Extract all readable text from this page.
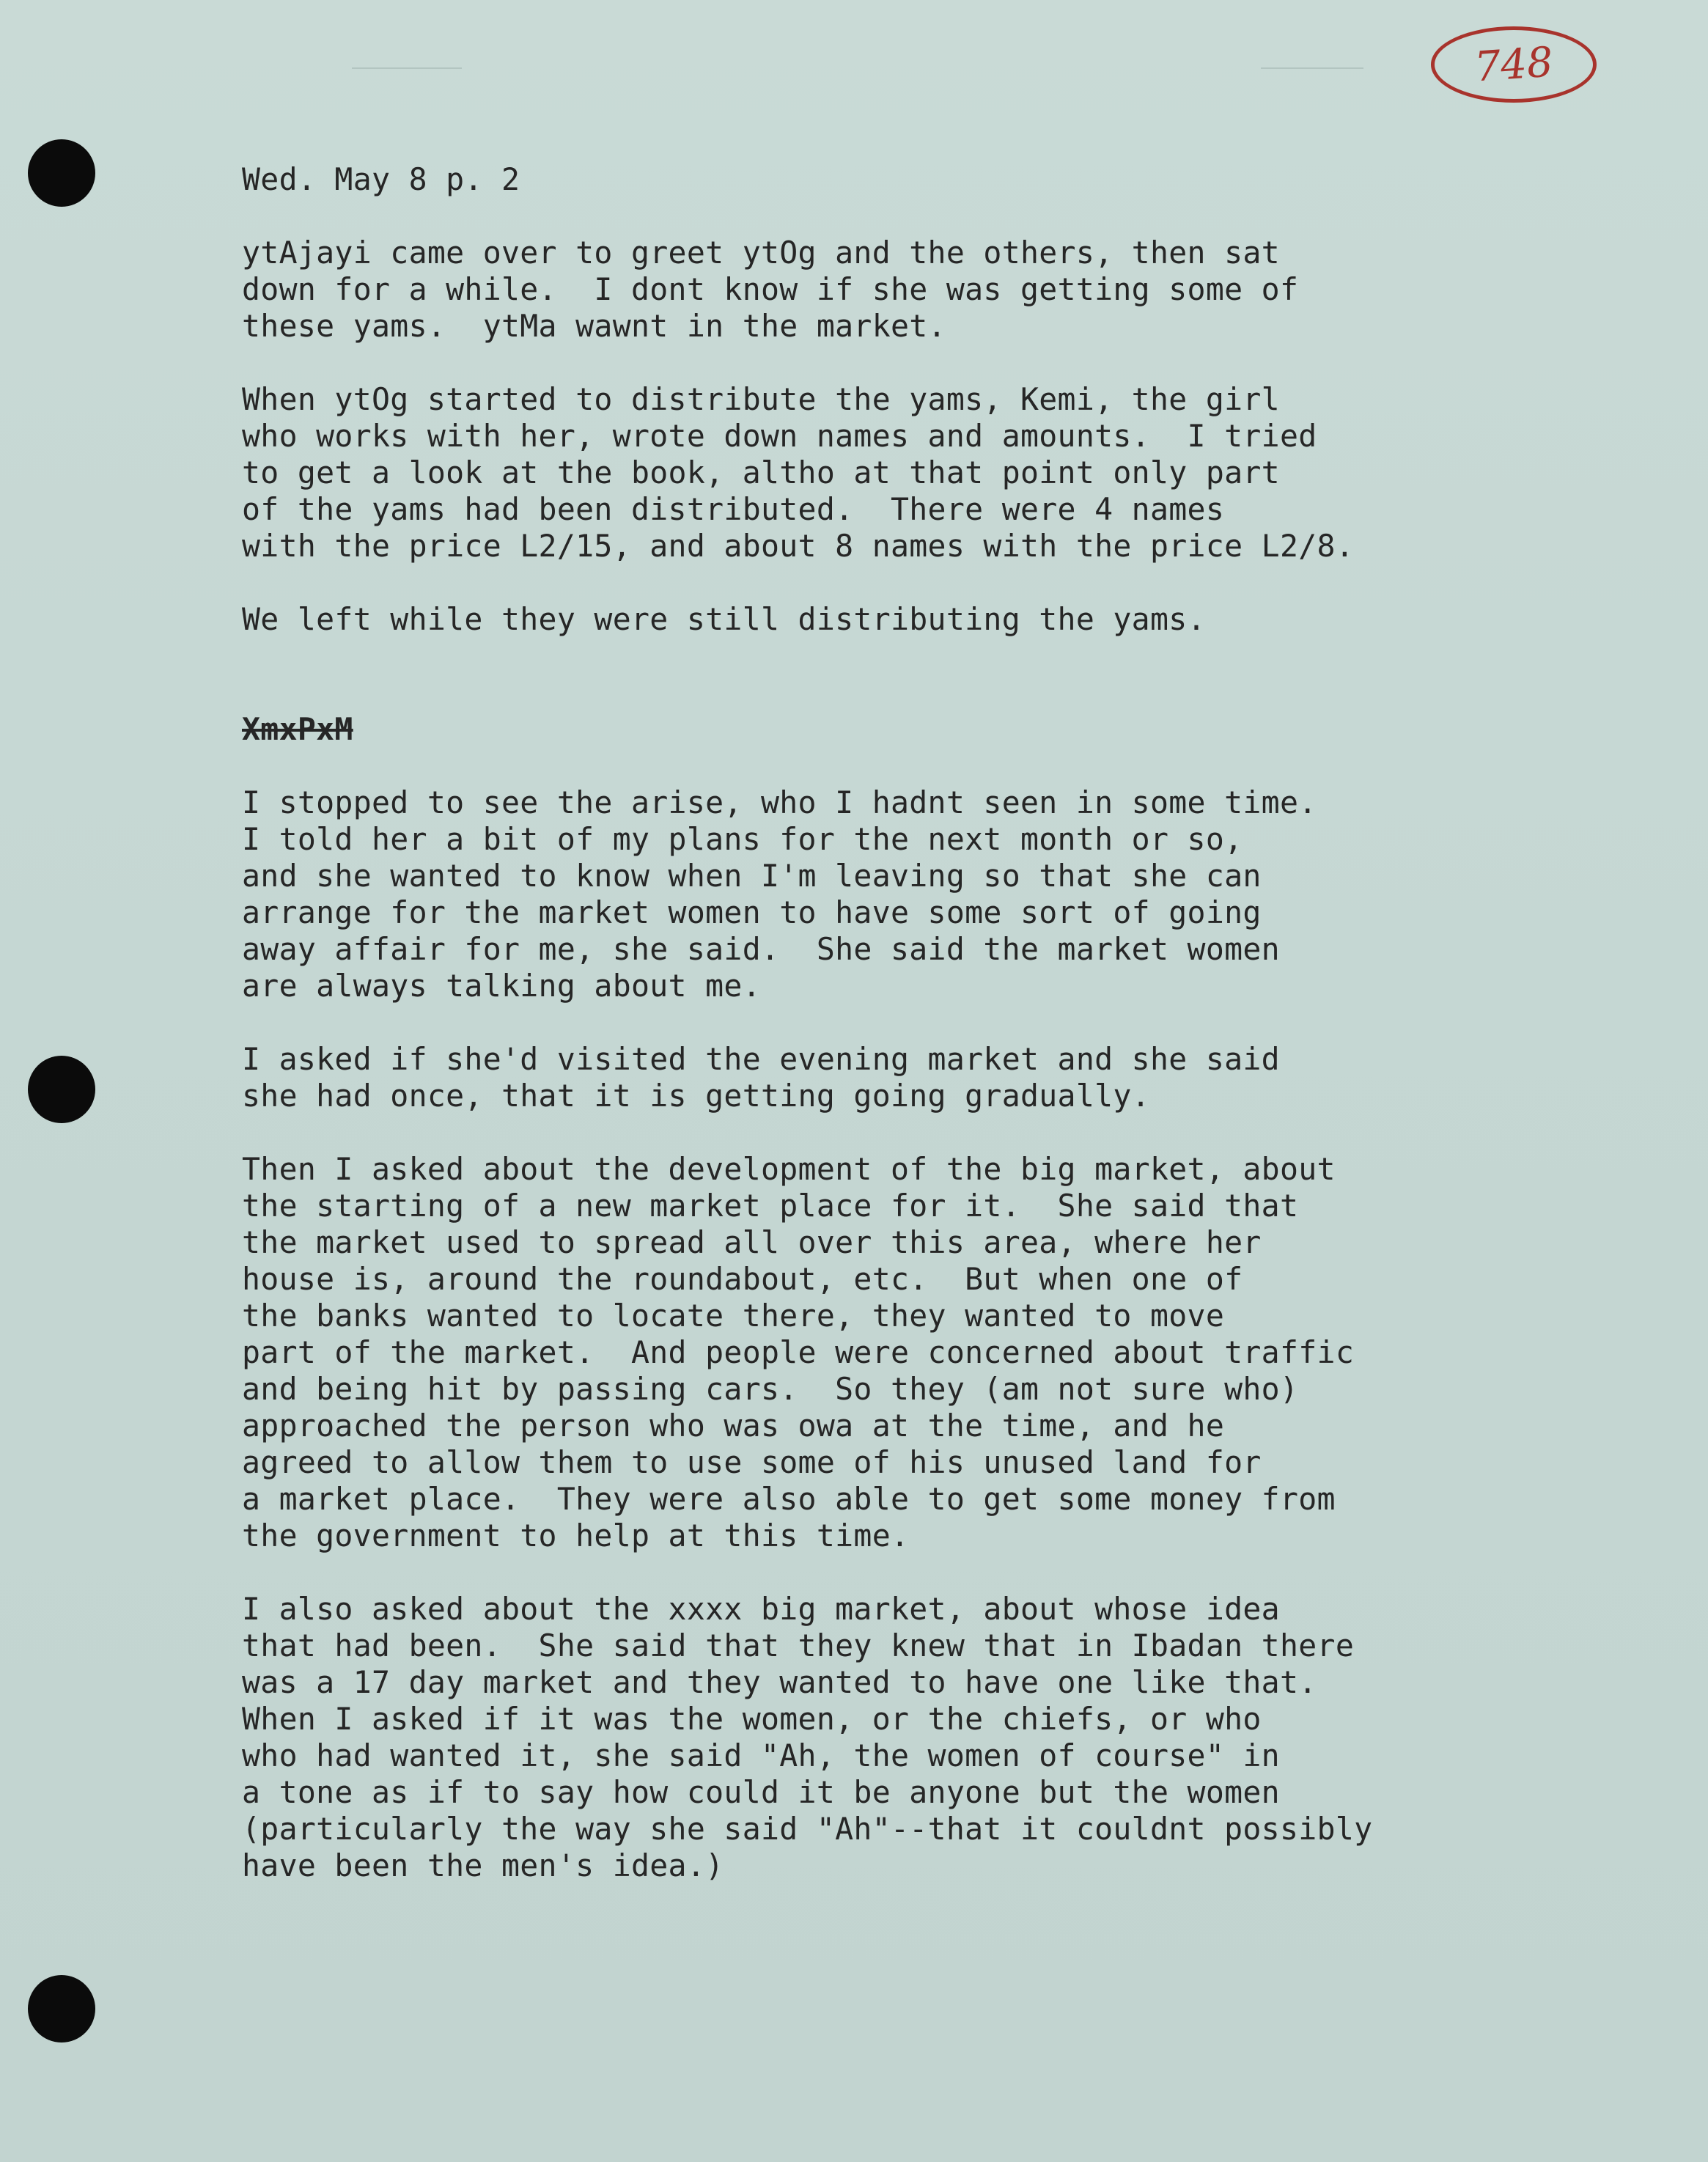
748
Wed. May 8 p. 2
ytAjayi came over to greet ytOg and the others, then sat
down for a while.  I dont know if she was getting some of
these yams.  ytMa wawnt in the market.
When ytOg started to distribute the yams, Kemi, the girl
who works with her, wrote down names and amounts.  I tried
to get a look at the book, altho at that point only part
of the yams had been distributed.  There were 4 names
with the price L2/15, and about 8 names with the price L2/8.
We left while they were still distributing the yams.
XmxPxM
I stopped to see the arise, who I hadnt seen in some time.
I told her a bit of my plans for the next month or so,
and she wanted to know when I'm leaving so that she can
arrange for the market women to have some sort of going
away affair for me, she said.  She said the market women
are always talking about me.
I asked if she'd visited the evening market and she said
she had once, that it is getting going gradually.
Then I asked about the development of the big market, about
the starting of a new market place for it.  She said that
the market used to spread all over this area, where her
house is, around the roundabout, etc.  But when one of
the banks wanted to locate there, they wanted to move
part of the market.  And people were concerned about traffic
and being hit by passing cars.  So they (am not sure who)
approached the person who was owa at the time, and he
agreed to allow them to use some of his unused land for
a market place.  They were also able to get some money from
the government to help at this time.
I also asked about the xxxx big market, about whose idea
that had been.  She said that they knew that in Ibadan there
was a 17 day market and they wanted to have one like that.
When I asked if it was the women, or the chiefs, or who
who had wanted it, she said "Ah, the women of course" in
a tone as if to say how could it be anyone but the women
(particularly the way she said "Ah"--that it couldnt possibly
have been the men's idea.)
